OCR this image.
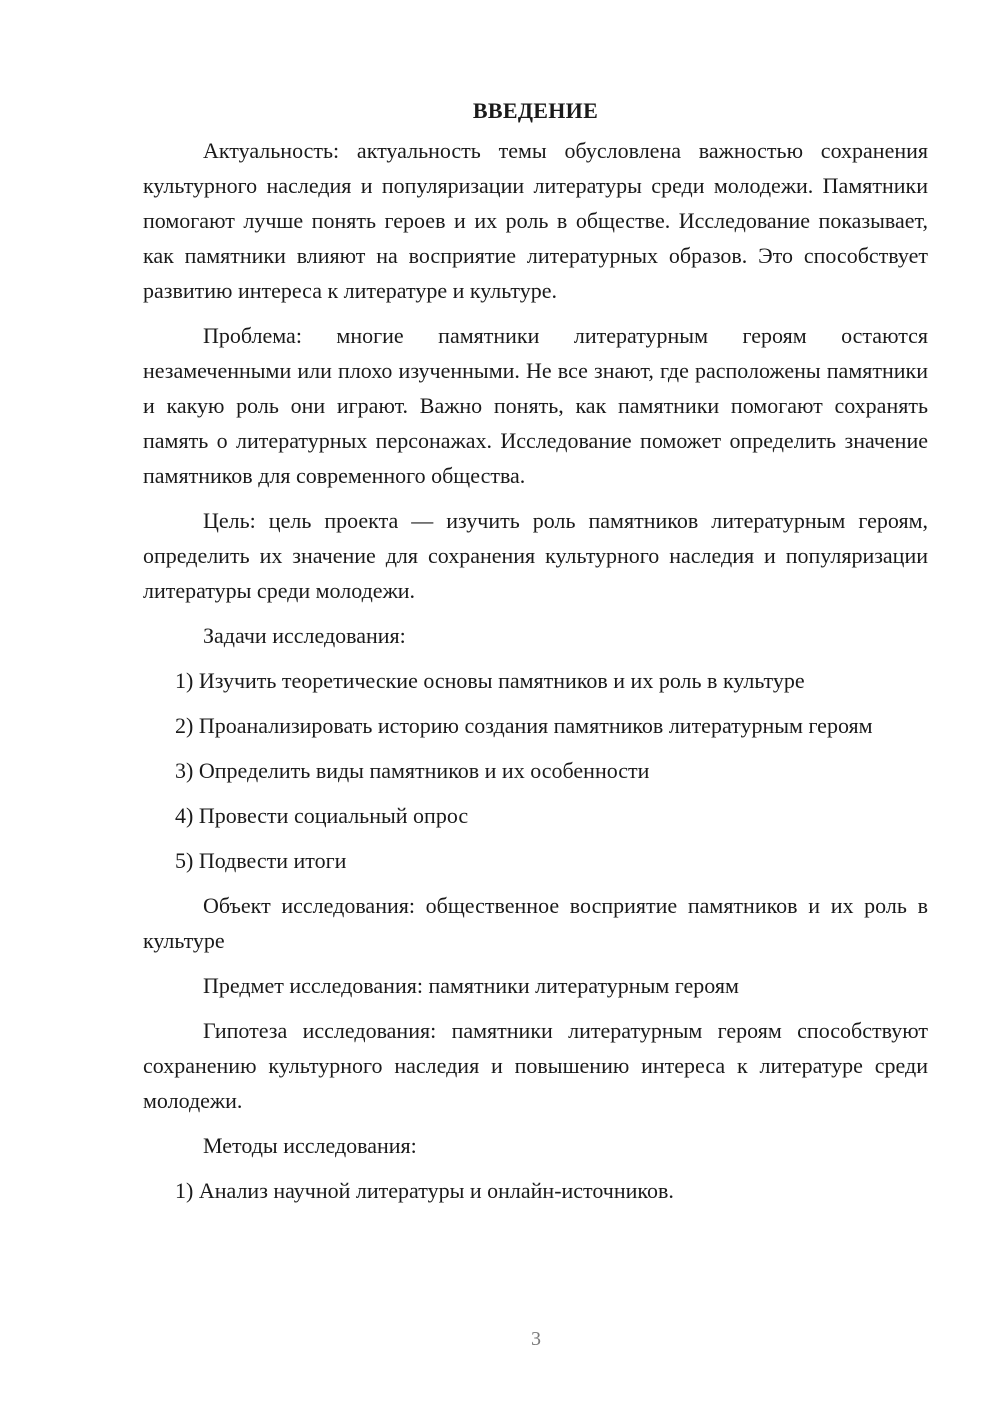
ВВЕДЕНИЕ

Актуальность: актуальность темы обусловлена важностью сохранения культурного наследия и популяризации литературы среди молодежи. Памятники помогают лучше понять героев и их роль в обществе. Исследование показывает, как памятники влияют на восприятие литературных образов. Это способствует развитию интереса к литературе и культуре.

Проблема: многие памятники литературным героям остаются незамеченными или плохо изученными. Не все знают, где расположены памятники и какую роль они играют. Важно понять, как памятники помогают сохранять память о литературных персонажах. Исследование поможет определить значение памятников для современного общества.

Цель: цель проекта — изучить роль памятников литературным героям, определить их значение для сохранения культурного наследия и популяризации литературы среди молодежи.

Задачи исследования:

1) Изучить теоретические основы памятников и их роль в культуре

2) Проанализировать историю создания памятников литературным героям

3) Определить виды памятников и их особенности

4) Провести социальный опрос

5) Подвести итоги

Объект исследования: общественное восприятие памятников и их роль в культуре

Предмет исследования: памятники литературным героям

Гипотеза исследования: памятники литературным героям способствуют сохранению культурного наследия и повышению интереса к литературе среди молодежи.

Методы исследования:

1) Анализ научной литературы и онлайн-источников.

3
